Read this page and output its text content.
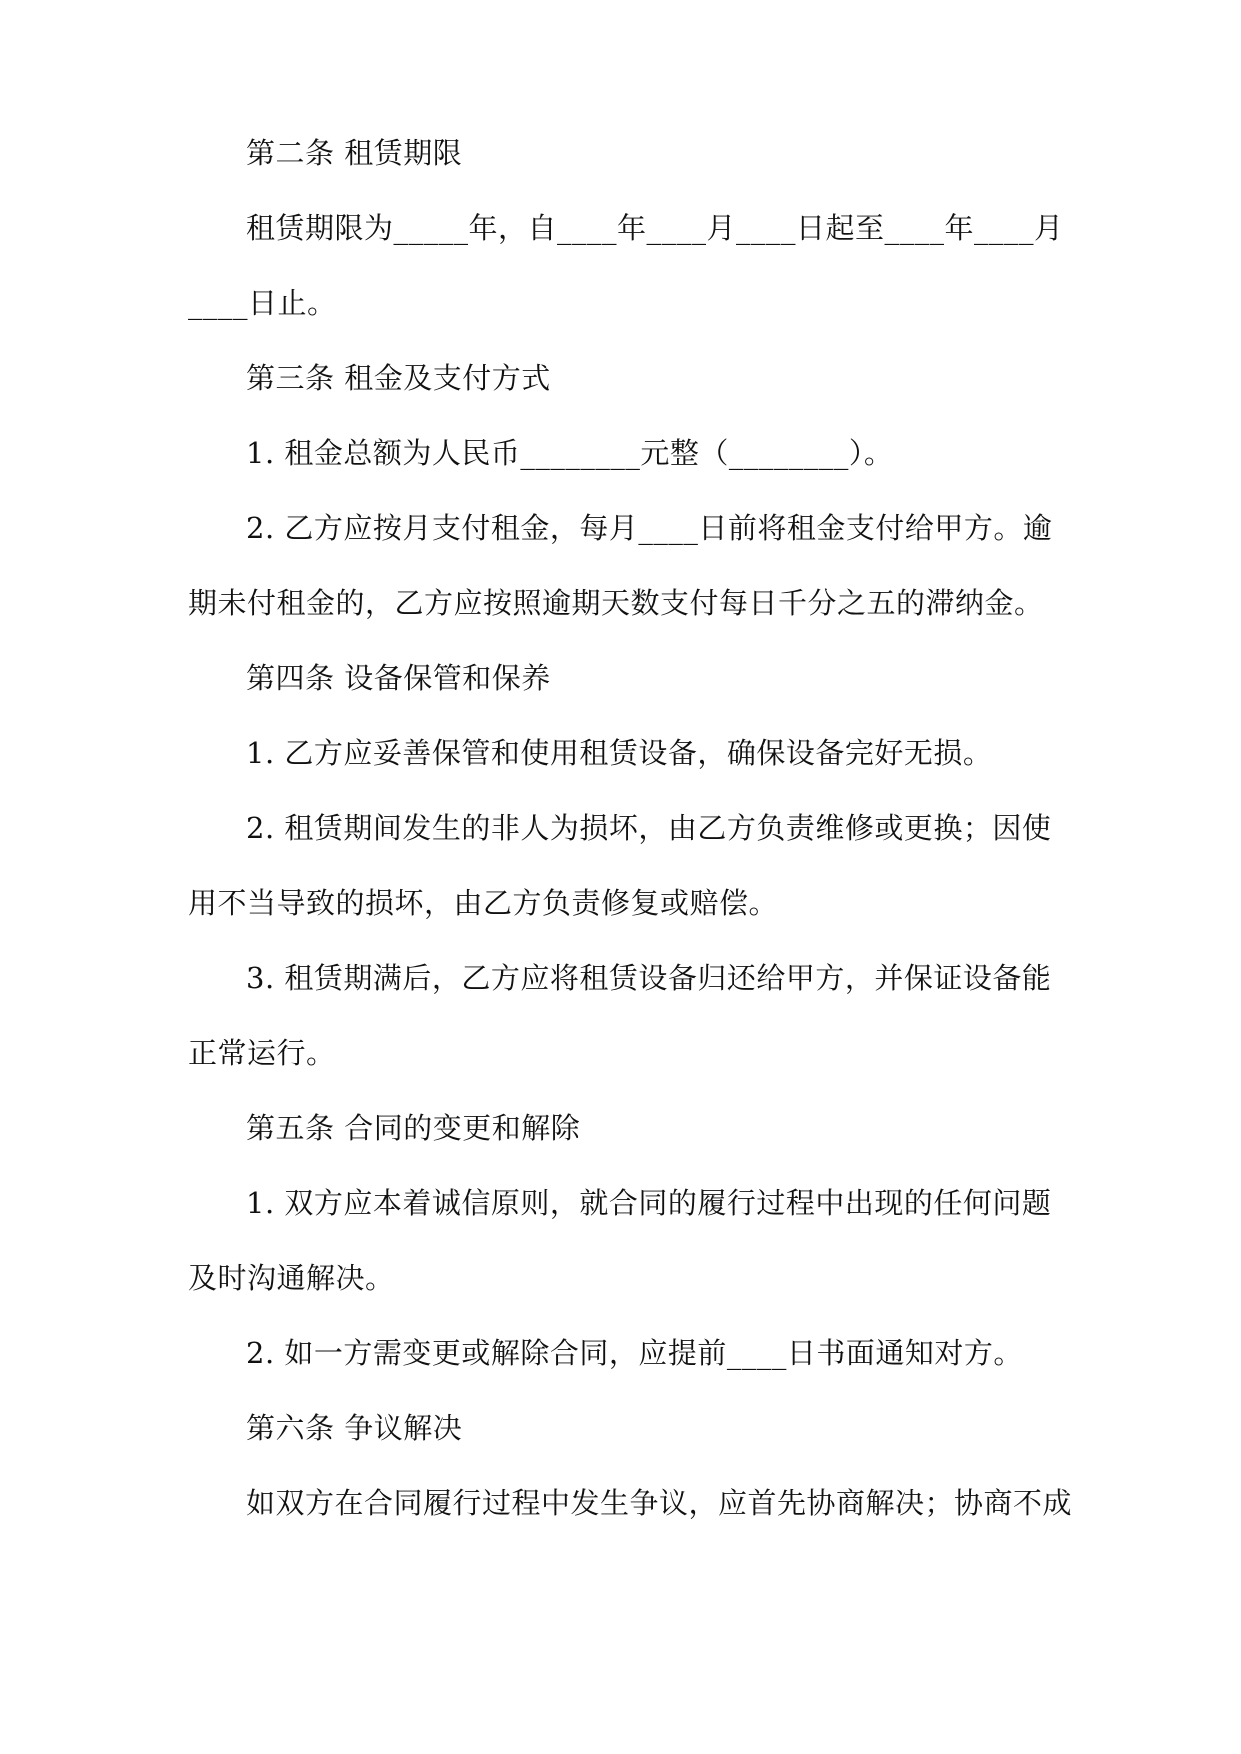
第二条 租赁期限
租赁期限为_____年，自____年____月____日起至____年____月
____日止。
第三条 租金及支付方式
1. 租金总额为人民币________元整（________）。
2. 乙方应按月支付租金，每月____日前将租金支付给甲方。逾
期未付租金的，乙方应按照逾期天数支付每日千分之五的滞纳金。
第四条 设备保管和保养
1. 乙方应妥善保管和使用租赁设备，确保设备完好无损。
2. 租赁期间发生的非人为损坏，由乙方负责维修或更换；因使
用不当导致的损坏，由乙方负责修复或赔偿。
3. 租赁期满后，乙方应将租赁设备归还给甲方，并保证设备能
正常运行。
第五条 合同的变更和解除
1. 双方应本着诚信原则，就合同的履行过程中出现的任何问题
及时沟通解决。
2. 如一方需变更或解除合同，应提前____日书面通知对方。
第六条 争议解决
如双方在合同履行过程中发生争议，应首先协商解决；协商不成
